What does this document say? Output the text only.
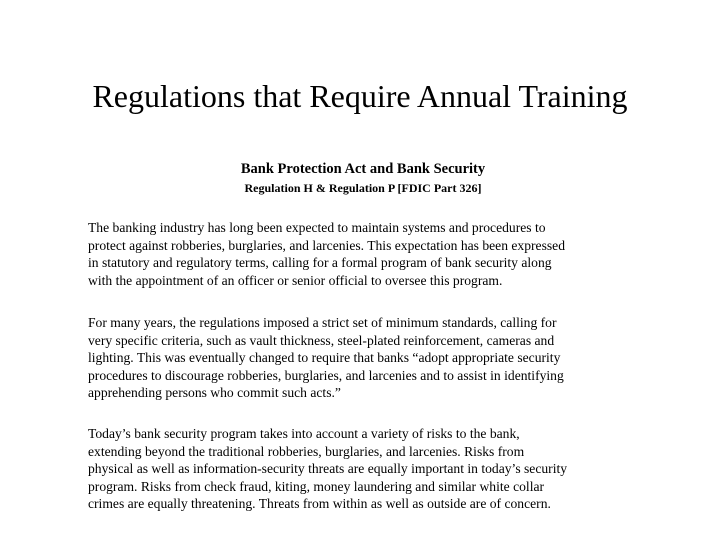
Regulations that Require Annual Training
Bank Protection Act and Bank Security
Regulation H & Regulation P [FDIC Part 326]

The banking industry has long been expected to maintain systems and procedures to
protect against robberies, burglaries, and larcenies. This expectation has been expressed
in statutory and regulatory terms, calling for a formal program of bank security along
with the appointment of an officer or senior official to oversee this program.

For many years, the regulations imposed a strict set of minimum standards, calling for
very specific criteria, such as vault thickness, steel-plated reinforcement, cameras and
lighting. This was eventually changed to require that banks “adopt appropriate security
procedures to discourage robberies, burglaries, and larcenies and to assist in identifying
apprehending persons who commit such acts.”

Today’s bank security program takes into account a variety of risks to the bank,
extending beyond the traditional robberies, burglaries, and larcenies. Risks from
physical as well as information-security threats are equally important in today’s security
program. Risks from check fraud, kiting, money laundering and similar white collar
crimes are equally threatening. Threats from within as well as outside are of concern.
